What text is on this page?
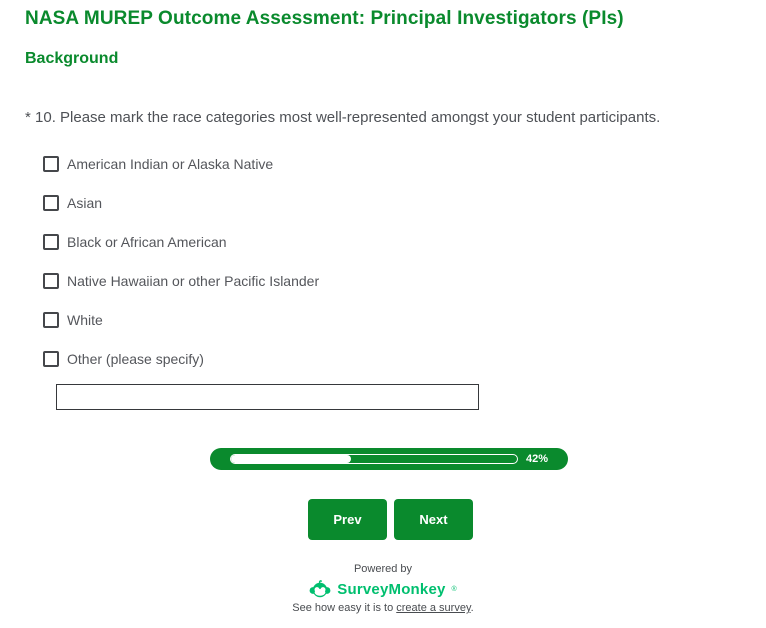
NASA MUREP Outcome Assessment: Principal Investigators (PIs)
Background
* 10. Please mark the race categories most well-represented amongst your student participants.
American Indian or Alaska Native
Asian
Black or African American
Native Hawaiian or other Pacific Islander
White
Other (please specify)
42%
Prev	Next
Powered by
SurveyMonkey ®
See how easy it is to create a survey.
